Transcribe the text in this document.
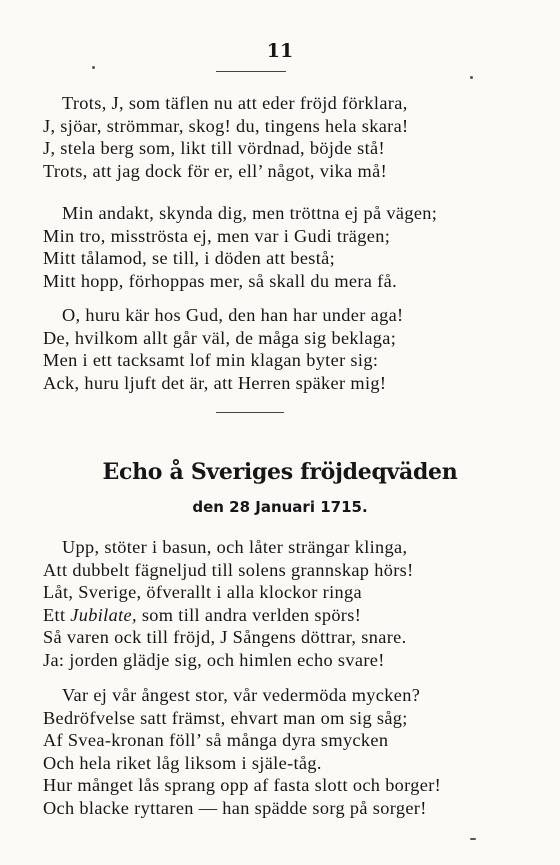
11
Trots, J, som täflen nu att eder fröjd förklara,
J, sjöar, strömmar, skog! du, tingens hela skara!
J, stela berg som, likt till vördnad, böjde stå!
Trots, att jag dock för er, ell’ något, vika må!
Min andakt, skynda dig, men tröttna ej på vägen;
Min tro, misströsta ej, men var i Gudi trägen;
Mitt tålamod, se till, i döden att bestå;
Mitt hopp, förhoppas mer, så skall du mera få.
O, huru kär hos Gud, den han har under aga!
De, hvilkom allt går väl, de måga sig beklaga;
Men i ett tacksamt lof min klagan byter sig:
Ack, huru ljuft det är, att Herren späker mig!
Echo å Sveriges fröjdeqväden
den 28 Januari 1715.
Upp, stöter i basun, och låter strängar klinga,
Att dubbelt fägneljud till solens grannskap hörs!
Låt, Sverige, öfverallt i alla klockor ringa
Ett Jubilate, som till andra verlden spörs!
Så varen ock till fröjd, J Sångens döttrar, snare.
Ja: jorden glädje sig, och himlen echo svare!
Var ej vår ångest stor, vår vedermöda mycken?
Bedröfvelse satt främst, ehvart man om sig såg;
Af Svea-kronan föll’ så många dyra smycken
Och hela riket låg liksom i själe-tåg.
Hur månget lås sprang opp af fasta slott och borger!
Och blacke ryttaren — han spädde sorg på sorger!
